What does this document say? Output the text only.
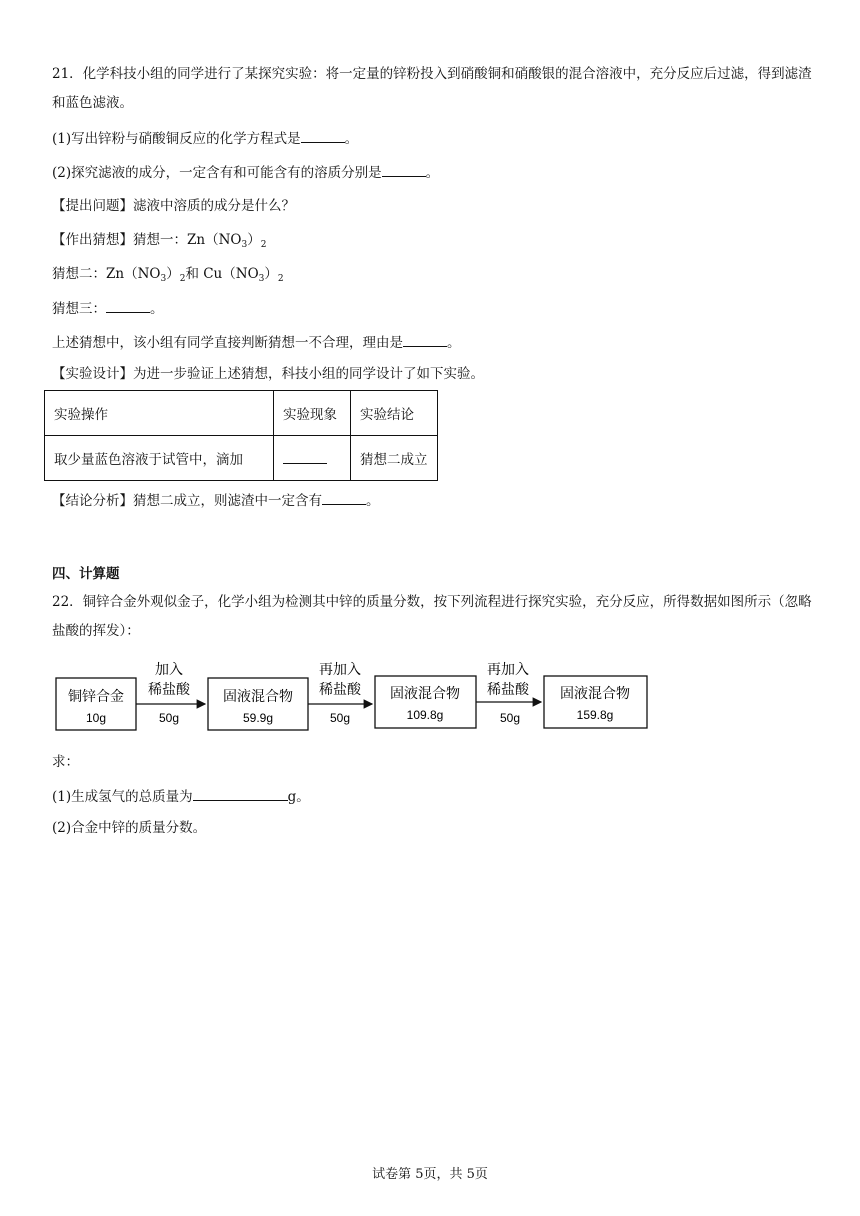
21．化学科技小组的同学进行了某探究实验：将一定量的锌粉投入到硝酸铜和硝酸银的混合溶液中，充分反应后过滤，得到滤渣和蓝色滤液。
(1)写出锌粉与硝酸铜反应的化学方程式是	。
(2)探究滤液的成分，一定含有和可能含有的溶质分别是	。
【提出问题】滤液中溶质的成分是什么？
【作出猜想】猜想一：$Zn(NO_3)_2$
猜想二：$Zn(NO_3)_2$和 $Cu(NO_3)_2$
猜想三：	。
上述猜想中，该小组有同学直接判断猜想一不合理，理由是	。
【实验设计】为进一步验证上述猜想，科技小组的同学设计了如下实验。
实验操作	实验现象	实验结论
取少量蓝色溶液于试管中，滴加		猜想二成立
【结论分析】猜想二成立，则滤渣中一定含有	。
四、计算题
22．铜锌合金外观似金子，化学小组为检测其中锌的质量分数，按下列流程进行探究实验，充分反应，所得数据如图所示（忽略盐酸的挥发）：
铜锌合金
10g
加入
稀盐酸
50g
固液混合物
59.9g
再加入
稀盐酸
50g
固液混合物
109.8g
再加入
稀盐酸
50g
固液混合物
159.8g
求：
(1)生成氢气的总质量为	g。
(2)合金中锌的质量分数。
试卷第 5页，共 5页
